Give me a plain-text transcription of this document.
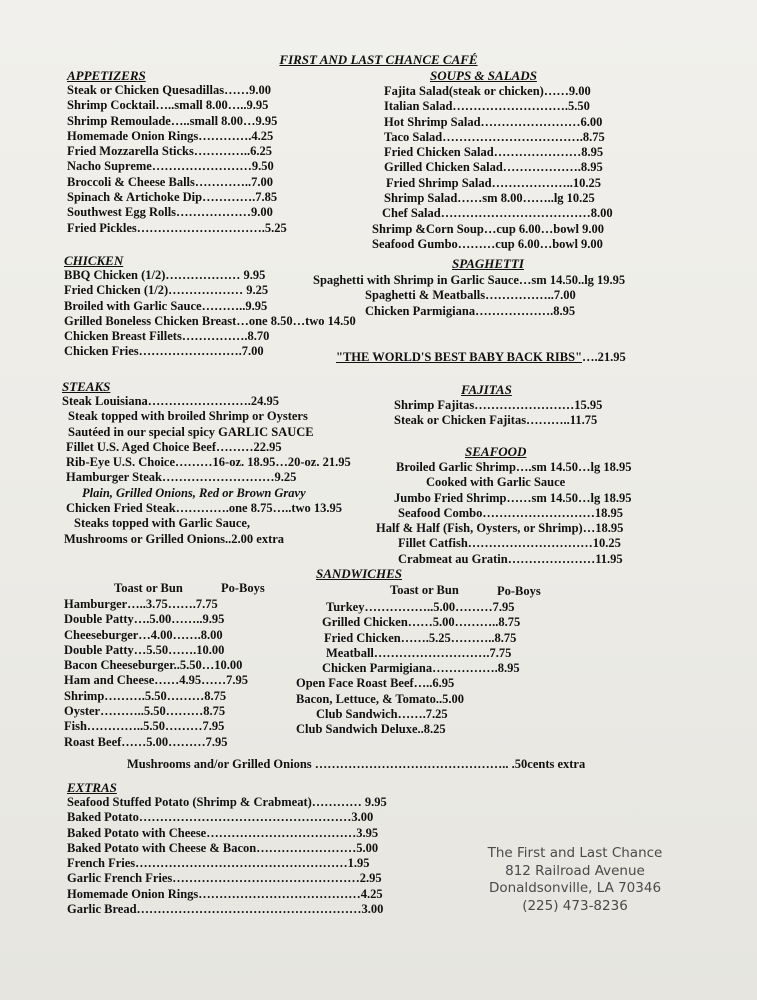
FIRST AND LAST CHANCE CAFÉ
APPETIZERS
Steak or Chicken Quesadillas……9.00
Shrimp Cocktail…..small 8.00…..9.95
Shrimp Remoulade…..small 8.00…9.95
Homemade Onion Rings………….4.25
Fried Mozzarella Sticks…………..6.25
Nacho Supreme……………………9.50
Broccoli & Cheese Balls…………..7.00
Spinach & Artichoke Dip………….7.85
Southwest Egg Rolls………………9.00
Fried Pickles………………………….5.25
SOUPS & SALADS
Fajita Salad(steak or chicken)……9.00
Italian Salad……………………….5.50
Hot Shrimp Salad……………………6.00
Taco Salad…………………………….8.75
Fried Chicken Salad…………………8.95
Grilled Chicken Salad……………….8.95
Fried Shrimp Salad………………..10.25
Shrimp Salad……sm 8.00……..lg 10.25
Chef Salad………………………………8.00
Shrimp &Corn Soup…cup 6.00…bowl 9.00
Seafood Gumbo………cup 6.00…bowl 9.00
CHICKEN
BBQ Chicken (1/2)……………… 9.95
Fried Chicken (1/2)……………… 9.25
Broiled with Garlic Sauce………..9.95
Grilled Boneless Chicken Breast…one 8.50…two 14.50
Chicken Breast Fillets…………….8.70
Chicken Fries…………………….7.00
SPAGHETTI
Spaghetti with Shrimp in Garlic Sauce…sm 14.50..lg 19.95
Spaghetti & Meatballs……………..7.00
Chicken Parmigiana……………….8.95
"THE WORLD'S BEST BABY BACK RIBS"….21.95
STEAKS
Steak Louisiana…………………….24.95
Steak topped with broiled Shrimp or Oysters
Sautéed in our special spicy GARLIC SAUCE
Fillet U.S. Aged Choice Beef………22.95
Rib-Eye U.S. Choice………16-oz. 18.95…20-oz. 21.95
Hamburger Steak………………………9.25
Plain, Grilled Onions, Red or Brown Gravy
Chicken Fried Steak………….one 8.75…..two 13.95
Steaks topped with Garlic Sauce,
Mushrooms or Grilled Onions..2.00 extra
FAJITAS
Shrimp Fajitas……………………15.95
Steak or Chicken Fajitas………..11.75
SEAFOOD
Broiled Garlic Shrimp….sm 14.50…lg 18.95
Cooked with Garlic Sauce
Jumbo Fried Shrimp……sm 14.50…lg 18.95
Seafood Combo………………………18.95
Half & Half (Fish, Oysters, or Shrimp)…18.95
Fillet Catfish…………………………10.25
Crabmeat au Gratin…………………11.95
SANDWICHES
Toast or Bun	Po-Boys	Toast or Bun	Po-Boys
Hamburger…..3.75…….7.75
Double Patty….5.00……..9.95
Cheeseburger…4.00…….8.00
Double Patty…5.50…….10.00
Bacon Cheeseburger..5.50…10.00
Ham and Cheese……4.95……7.95
Shrimp……….5.50………8.75
Oyster………..5.50………8.75
Fish…………..5.50………7.95
Roast Beef……5.00………7.95
Turkey……………..5.00………7.95
Grilled Chicken……5.00………..8.75
Fried Chicken…….5.25………..8.75
Meatball……………………….7.75
Chicken Parmigiana…………….8.95
Open Face Roast Beef…..6.95
Bacon, Lettuce, & Tomato..5.00
Club Sandwich…….7.25
Club Sandwich Deluxe..8.25
Mushrooms and/or Grilled Onions ……………………………………….. .50cents extra
EXTRAS
Seafood Stuffed Potato (Shrimp & Crabmeat)………… 9.95
Baked Potato……………………………………………3.00
Baked Potato with Cheese………………………………3.95
Baked Potato with Cheese & Bacon……………………5.00
French Fries……………………………………………1.95
Garlic French Fries………………………………………2.95
Homemade Onion Rings…………………………………4.25
Garlic Bread………………………………………………3.00
The First and Last Chance
812 Railroad Avenue
Donaldsonville, LA 70346
(225) 473-8236
